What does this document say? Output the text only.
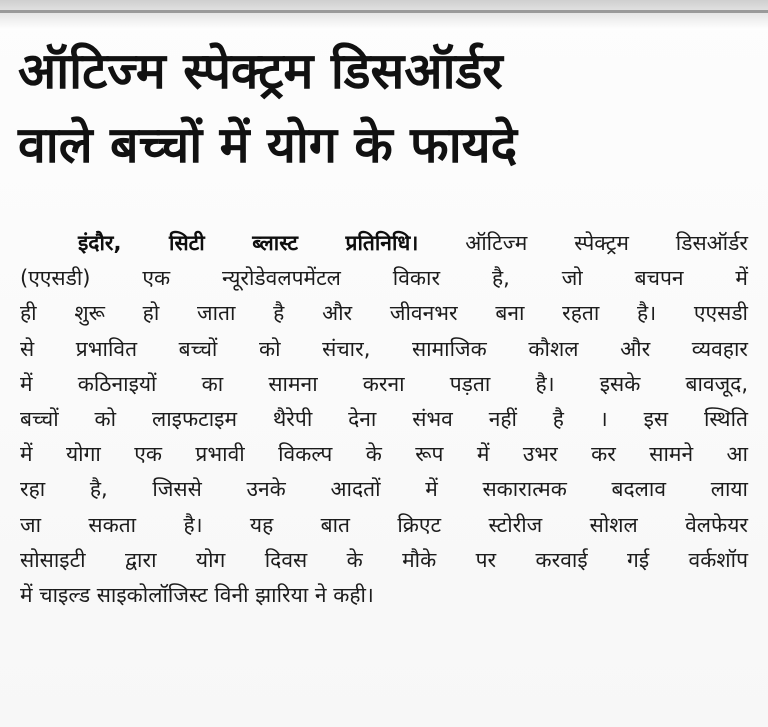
ऑटिज्म स्पेक्ट्रम डिसऑर्डर
वाले बच्चों में योग के फायदे
इंदौर, सिटी ब्लास्ट प्रतिनिधि। ऑटिज्म स्पेक्ट्रम डिसऑर्डर
(एएसडी) एक न्यूरोडेवलपमेंटल विकार है, जो बचपन में
ही शुरू हो जाता है और जीवनभर बना रहता है। एएसडी
से प्रभावित बच्चों को संचार, सामाजिक कौशल और व्यवहार
में कठिनाइयों का सामना करना पड़ता है। इसके बावजूद,
बच्चों को लाइफटाइम थैरेपी देना संभव नहीं है । इस स्थिति
में योगा एक प्रभावी विकल्प के रूप में उभर कर सामने आ
रहा है, जिससे उनके आदतों में सकारात्मक बदलाव लाया
जा सकता है। यह बात क्रिएट स्टोरीज सोशल वेलफेयर
सोसाइटी द्वारा योग दिवस के मौके पर करवाई गई वर्कशॉप
में चाइल्ड साइकोलॉजिस्ट विनी झारिया ने कही।
